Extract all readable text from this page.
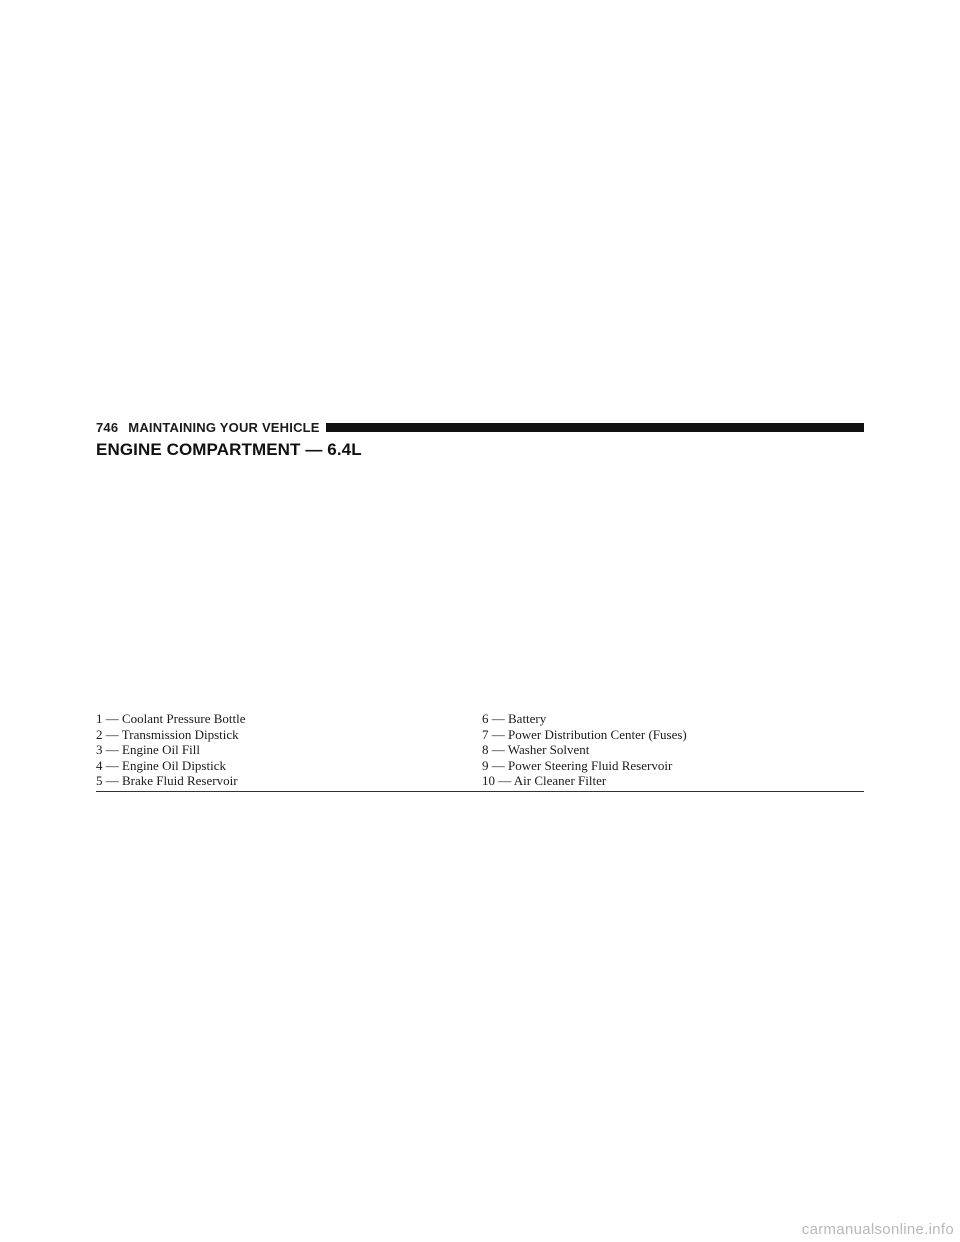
746 MAINTAINING YOUR VEHICLE
ENGINE COMPARTMENT — 6.4L
1 — Coolant Pressure Bottle
2 — Transmission Dipstick
3 — Engine Oil Fill
4 — Engine Oil Dipstick
5 — Brake Fluid Reservoir
6 — Battery
7 — Power Distribution Center (Fuses)
8 — Washer Solvent
9 — Power Steering Fluid Reservoir
10 — Air Cleaner Filter
carmanualsonline.info
